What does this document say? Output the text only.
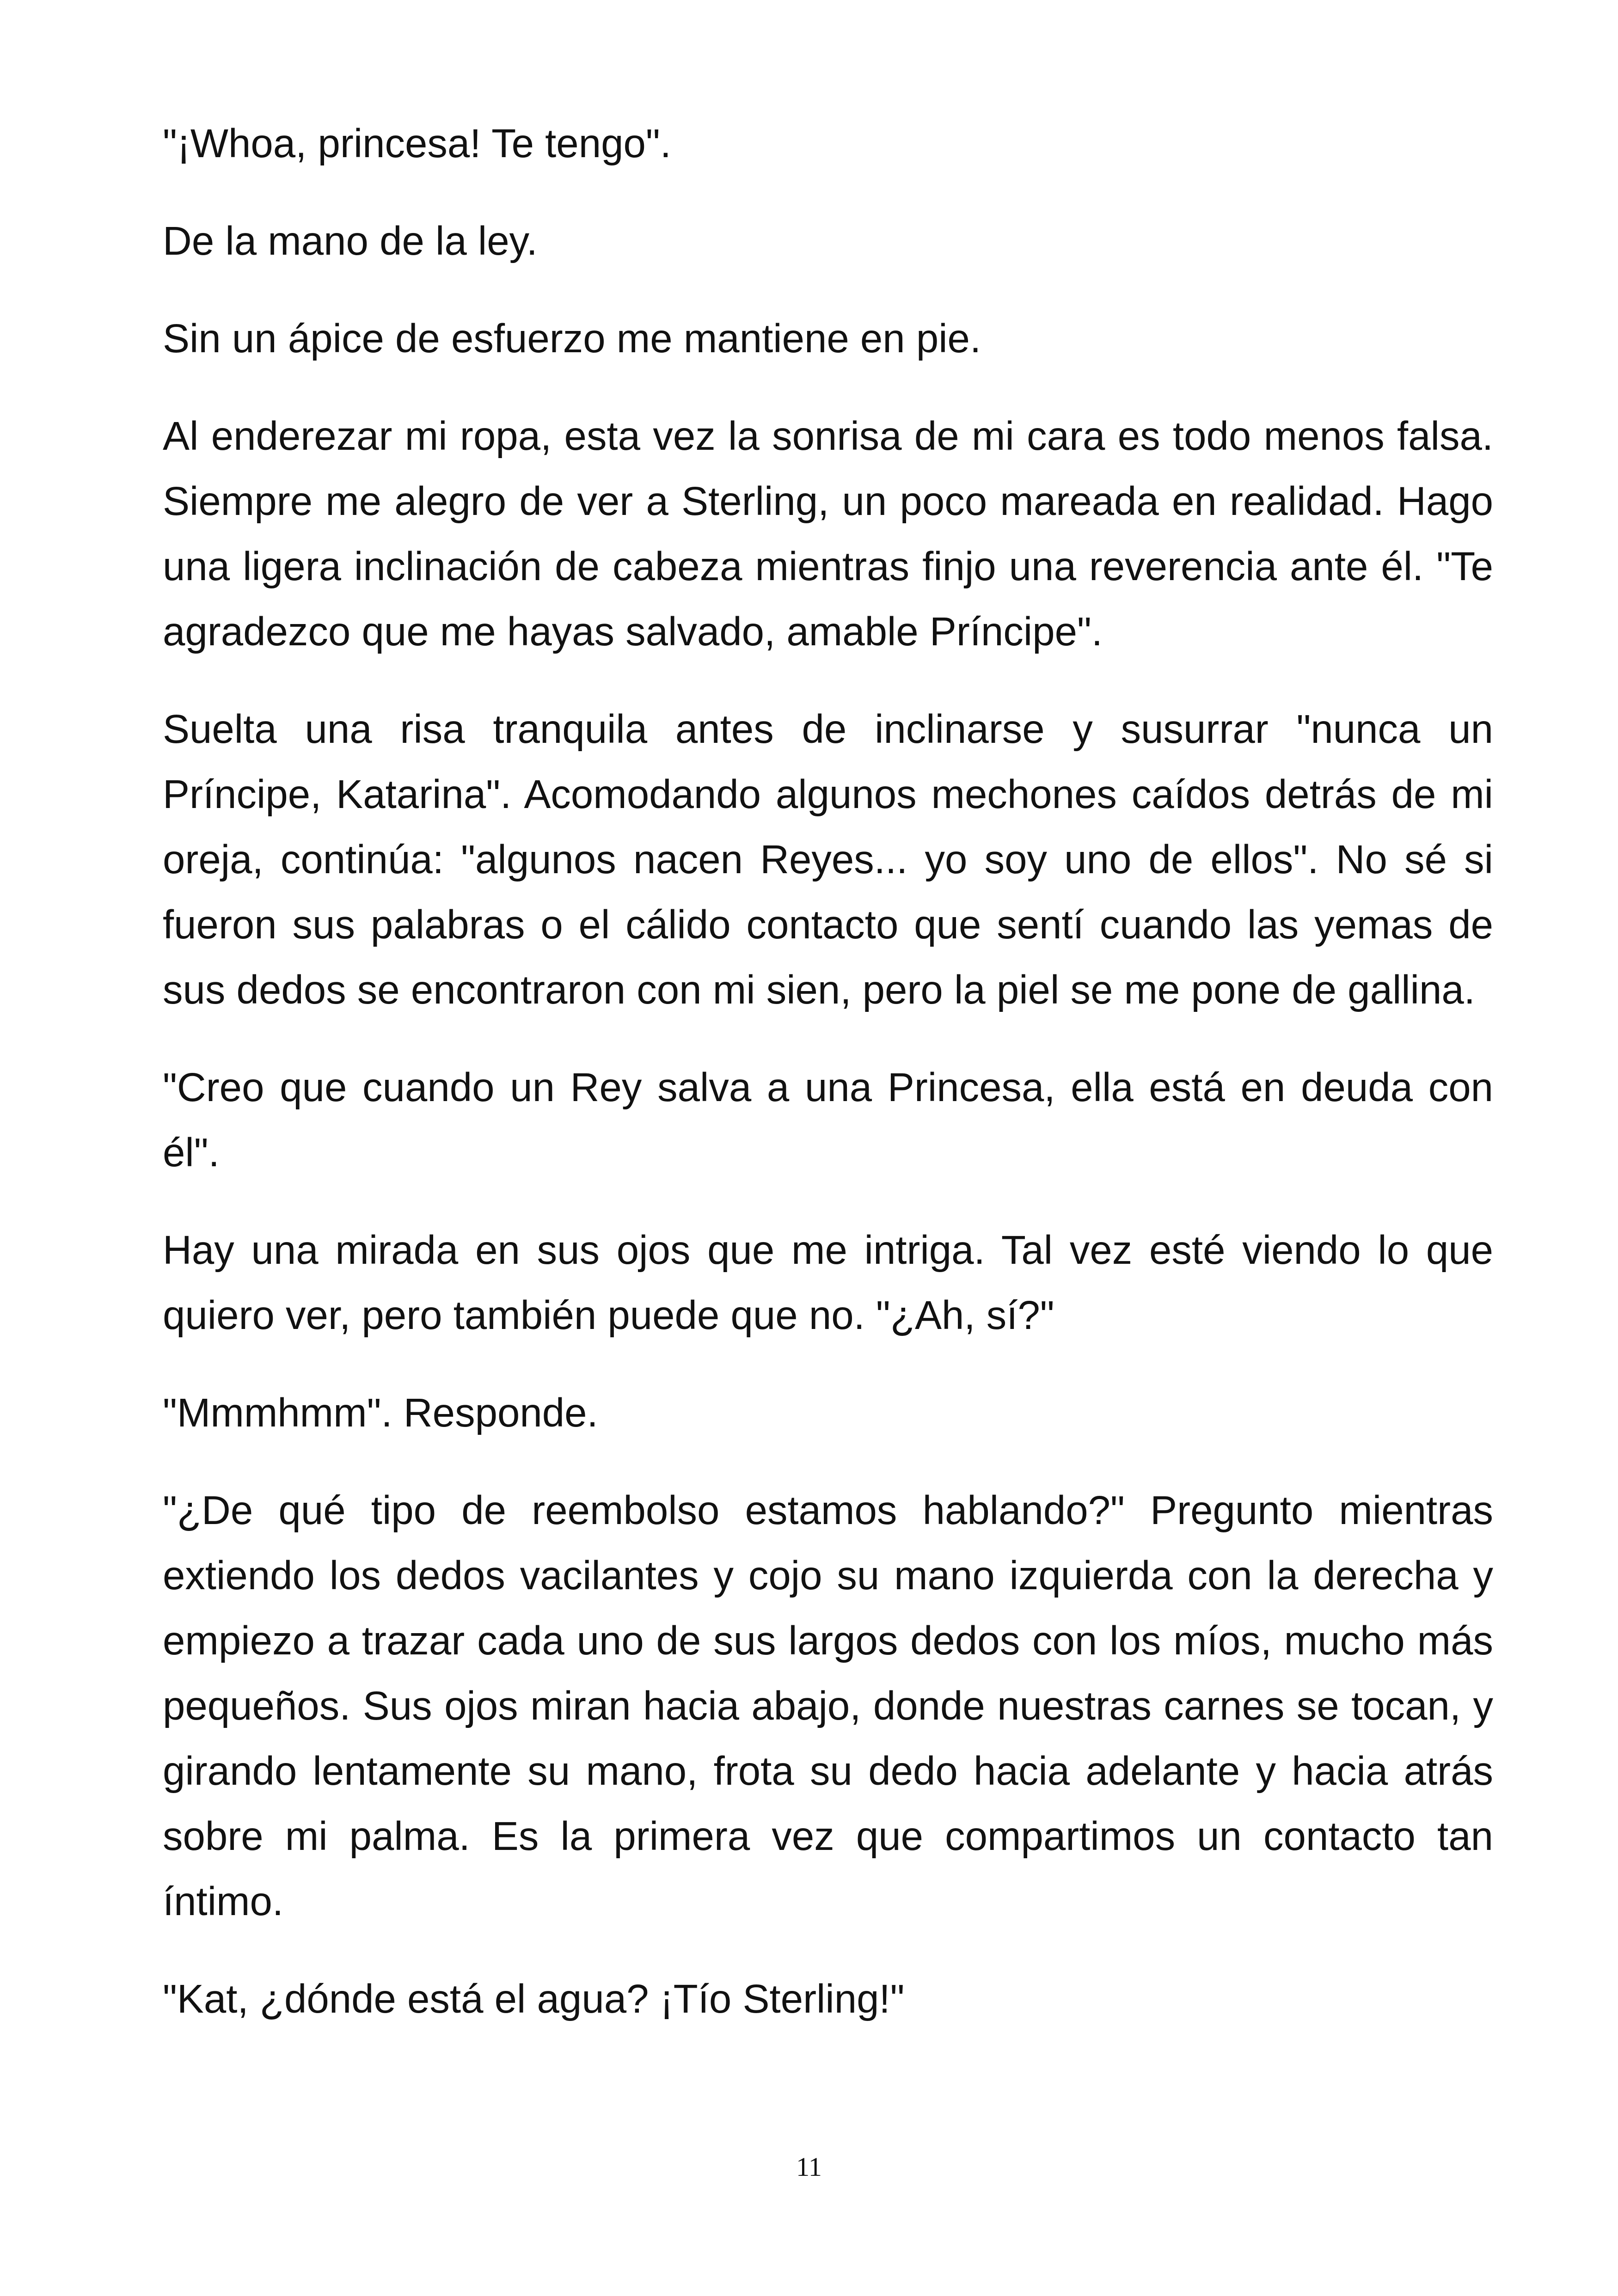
"¡Whoa, princesa! Te tengo".

De la mano de la ley.

Sin un ápice de esfuerzo me mantiene en pie.

Al enderezar mi ropa, esta vez la sonrisa de mi cara es todo menos falsa. Siempre me alegro de ver a Sterling, un poco mareada en realidad. Hago una ligera inclinación de cabeza mientras finjo una reverencia ante él. "Te agradezco que me hayas salvado, amable Príncipe".

Suelta una risa tranquila antes de inclinarse y susurrar "nunca un Príncipe, Katarina". Acomodando algunos mechones caídos detrás de mi oreja, continúa: "algunos nacen Reyes... yo soy uno de ellos". No sé si fueron sus palabras o el cálido contacto que sentí cuando las yemas de sus dedos se encontraron con mi sien, pero la piel se me pone de gallina.

"Creo que cuando un Rey salva a una Princesa, ella está en deuda con él".

Hay una mirada en sus ojos que me intriga. Tal vez esté viendo lo que quiero ver, pero también puede que no. "¿Ah, sí?"

"Mmmhmm". Responde.

"¿De qué tipo de reembolso estamos hablando?" Pregunto mientras extiendo los dedos vacilantes y cojo su mano izquierda con la derecha y empiezo a trazar cada uno de sus largos dedos con los míos, mucho más pequeños. Sus ojos miran hacia abajo, donde nuestras carnes se tocan, y girando lentamente su mano, frota su dedo hacia adelante y hacia atrás sobre mi palma. Es la primera vez que compartimos un contacto tan íntimo.

"Kat, ¿dónde está el agua? ¡Tío Sterling!"

11
